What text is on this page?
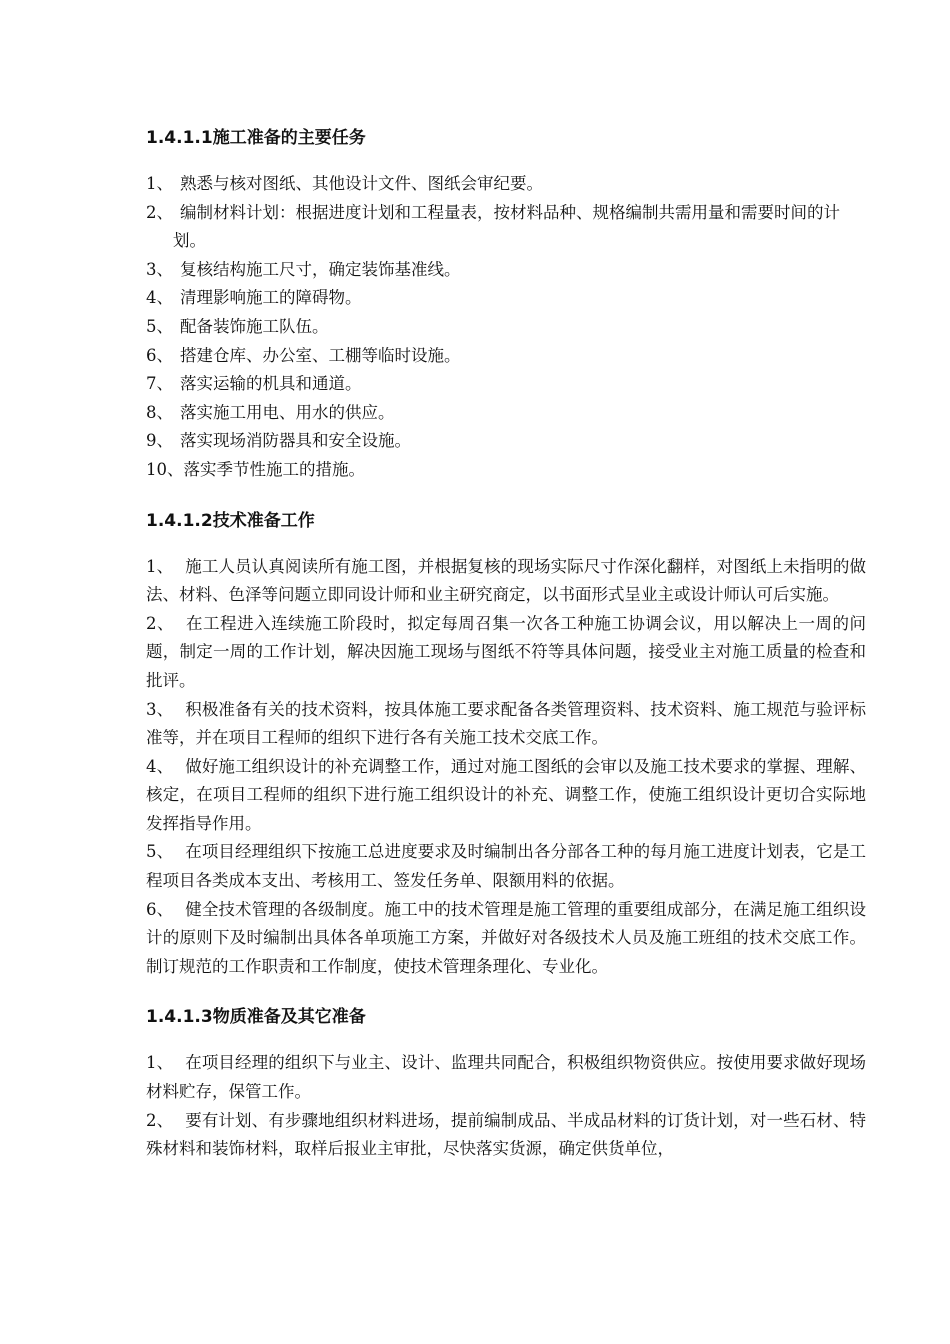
1.4.1.1施工准备的主要任务

1、 熟悉与核对图纸、其他设计文件、图纸会审纪要。

2、 编制材料计划：根据进度计划和工程量表，按材料品种、规格编制共需用量和需要时间的计划。

3、 复核结构施工尺寸，确定装饰基准线。

4、 清理影响施工的障碍物。

5、 配备装饰施工队伍。

6、 搭建仓库、办公室、工棚等临时设施。

7、 落实运输的机具和通道。

8、 落实施工用电、用水的供应。

9、 落实现场消防器具和安全设施。

10、落实季节性施工的措施。

1.4.1.2技术准备工作

1、 施工人员认真阅读所有施工图，并根据复核的现场实际尺寸作深化翻样，对图纸上未指明的做法、材料、色泽等问题立即同设计师和业主研究商定，以书面形式呈业主或设计师认可后实施。

2、 在工程进入连续施工阶段时，拟定每周召集一次各工种施工协调会议，用以解决上一周的问题，制定一周的工作计划，解决因施工现场与图纸不符等具体问题，接受业主对施工质量的检查和批评。

3、 积极准备有关的技术资料，按具体施工要求配备各类管理资料、技术资料、施工规范与验评标准等，并在项目工程师的组织下进行各有关施工技术交底工作。

4、 做好施工组织设计的补充调整工作，通过对施工图纸的会审以及施工技术要求的掌握、理解、核定，在项目工程师的组织下进行施工组织设计的补充、调整工作，使施工组织设计更切合实际地发挥指导作用。

5、 在项目经理组织下按施工总进度要求及时编制出各分部各工种的每月施工进度计划表，它是工程项目各类成本支出、考核用工、签发任务单、限额用料的依据。

6、 健全技术管理的各级制度。施工中的技术管理是施工管理的重要组成部分，在满足施工组织设计的原则下及时编制出具体各单项施工方案，并做好对各级技术人员及施工班组的技术交底工作。制订规范的工作职责和工作制度，使技术管理条理化、专业化。

1.4.1.3物质准备及其它准备

1、 在项目经理的组织下与业主、设计、监理共同配合，积极组织物资供应。按使用要求做好现场材料贮存，保管工作。

2、 要有计划、有步骤地组织材料进场，提前编制成品、半成品材料的订货计划，对一些石材、特殊材料和装饰材料，取样后报业主审批，尽快落实货源，确定供货单位，
